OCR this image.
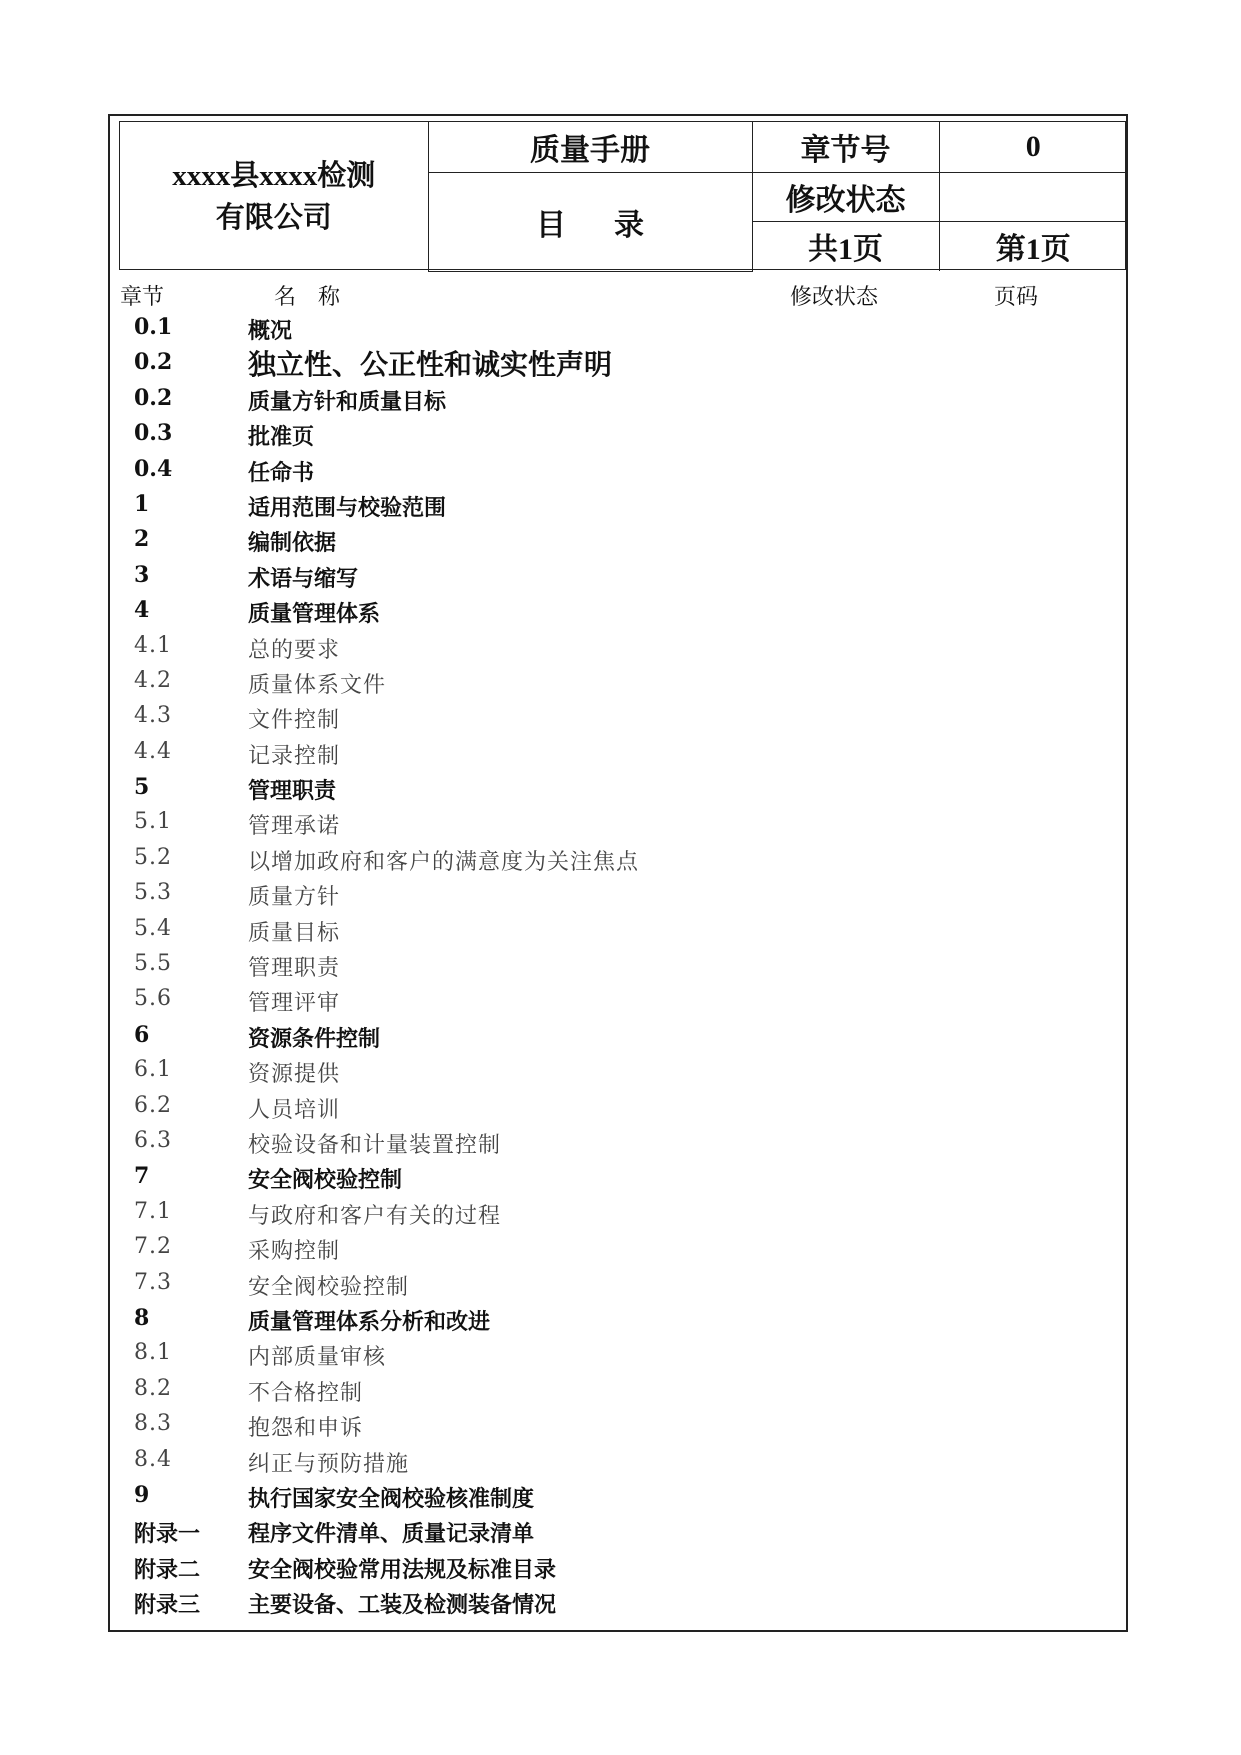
xxxx县xxxx检测
有限公司	质量手册	章节号	0
	目 录	修改状态	
		共1页	第1页
章节	名　称	修改状态	页码
0.1	概况
0.2	独立性、公正性和诚实性声明
0.2	质量方针和质量目标
0.3	批准页
0.4	任命书
1	适用范围与校验范围
2	编制依据
3	术语与缩写
4	质量管理体系
4.1	总的要求
4.2	质量体系文件
4.3	文件控制
4.4	记录控制
5	管理职责
5.1	管理承诺
5.2	以增加政府和客户的满意度为关注焦点
5.3	质量方针
5.4	质量目标
5.5	管理职责
5.6	管理评审
6	资源条件控制
6.1	资源提供
6.2	人员培训
6.3	校验设备和计量装置控制
7	安全阀校验控制
7.1	与政府和客户有关的过程
7.2	采购控制
7.3	安全阀校验控制
8	质量管理体系分析和改进
8.1	内部质量审核
8.2	不合格控制
8.3	抱怨和申诉
8.4	纠正与预防措施
9	执行国家安全阀校验核准制度
附录一 程序文件清单、质量记录清单
附录二 安全阀校验常用法规及标准目录
附录三 主要设备、工装及检测装备情况
